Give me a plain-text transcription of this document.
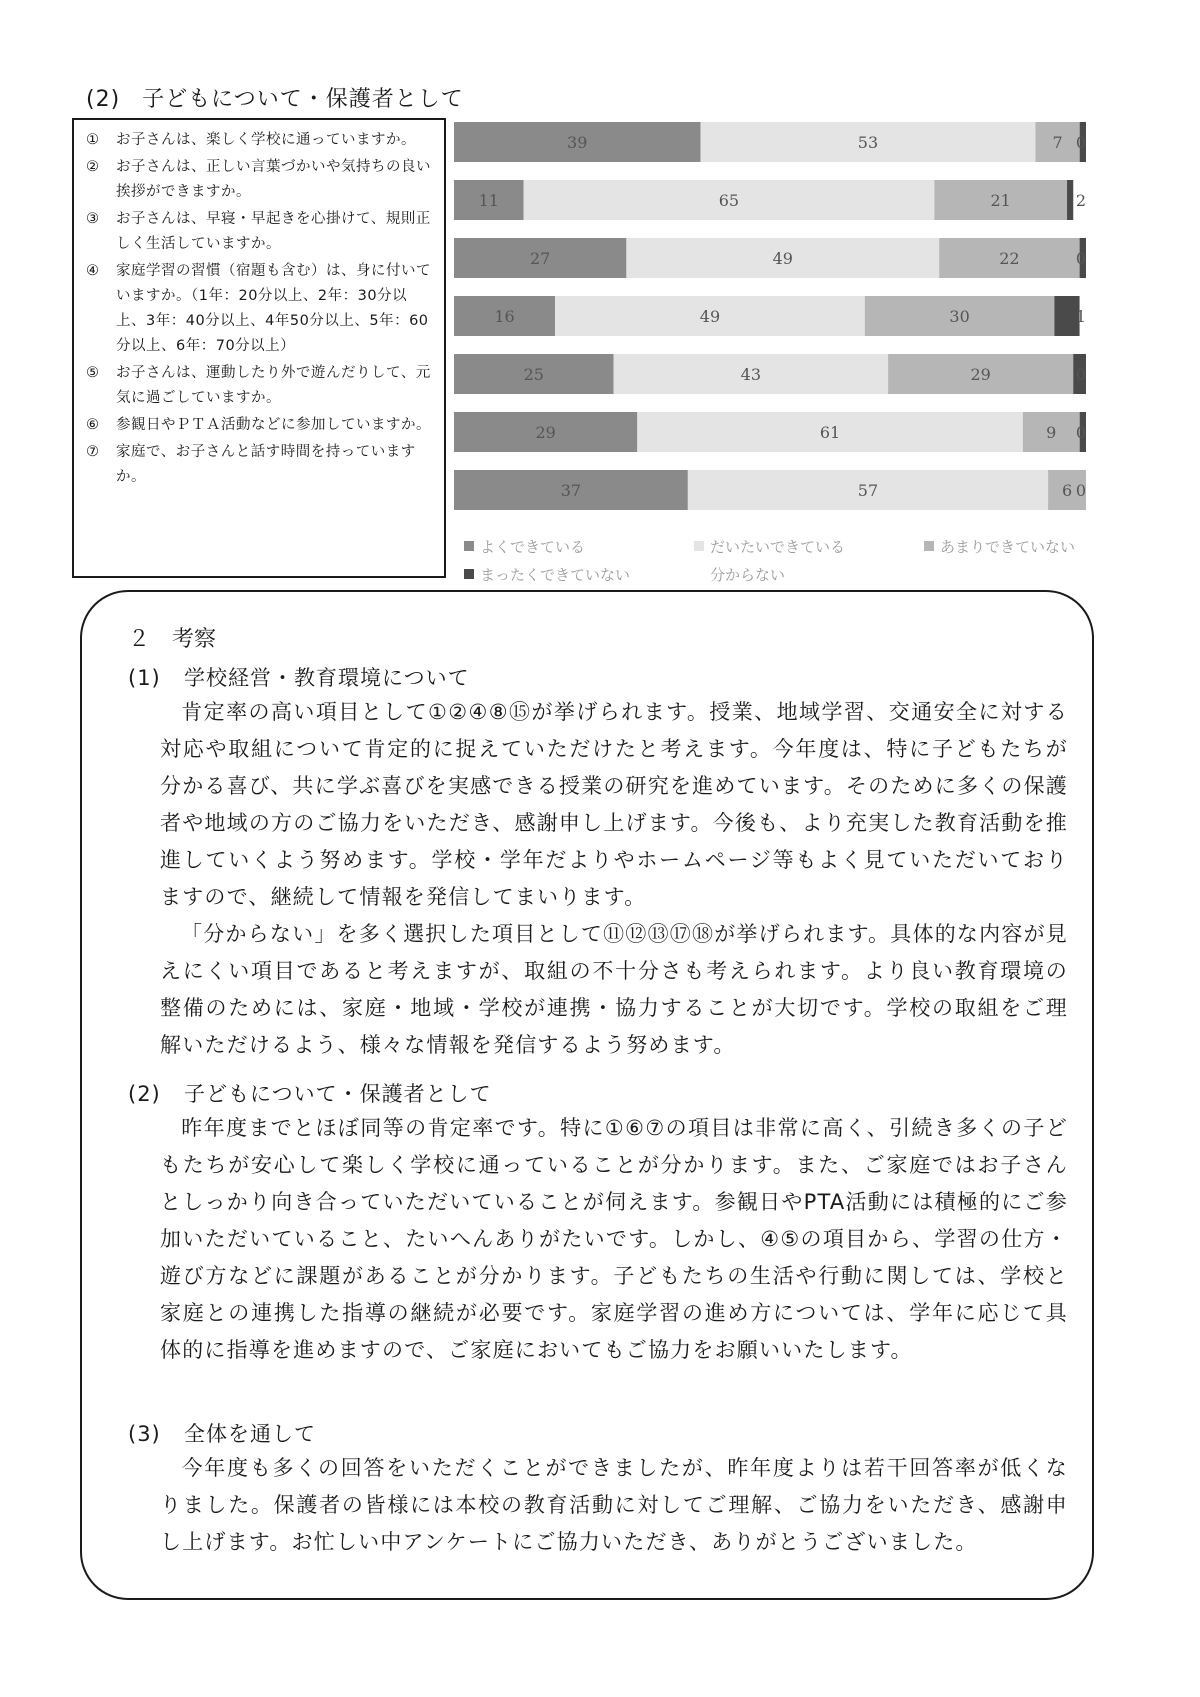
(2) 子どもについて・保護者として
①	お子さんは、楽しく学校に通っていますか。
②	お子さんは、正しい言葉づかいや気持ちの良い挨拶ができますか。
③	お子さんは、早寝・早起きを心掛けて、規則正しく生活していますか。
④	家庭学習の習慣（宿題も含む）は、身に付いていますか。（1年：20分以上、2年：30分以上、3年：40分以上、4年50分以上、5年：60分以上、6年：70分以上）
⑤	お子さんは、運動したり外で遊んだりして、元気に過ごしていますか。
⑥	参観日やＰＴＡ活動などに参加していますか。
⑦	家庭で、お子さんと話す時間を持っていますか。
39	53	7 0
11	65	21	2
27	49	22	0
16	49	30	1
25	43	29	0
29	61	9 0
37	57	6 0
よくできている	だいたいできている	あまりできていない
まったくできていない	分からない
２ 考察
(1) 学校経営・教育環境について

肯定率の高い項目として①②④⑧⑮が挙げられます。授業、地域学習、交通安全に対する対応や取組について肯定的に捉えていただけたと考えます。今年度は、特に子どもたちが分かる喜び、共に学ぶ喜びを実感できる授業の研究を進めています。そのために多くの保護者や地域の方のご協力をいただき、感謝申し上げます。今後も、より充実した教育活動を推進していくよう努めます。学校・学年だよりやホームページ等もよく見ていただいておりますので、継続して情報を発信してまいります。

「分からない」を多く選択した項目として⑪⑫⑬⑰⑱が挙げられます。具体的な内容が見えにくい項目であると考えますが、取組の不十分さも考えられます。より良い教育環境の整備のためには、家庭・地域・学校が連携・協力することが大切です。学校の取組をご理解いただけるよう、様々な情報を発信するよう努めます。

(2) 子どもについて・保護者として

昨年度までとほぼ同等の肯定率です。特に①⑥⑦の項目は非常に高く、引続き多くの子どもたちが安心して楽しく学校に通っていることが分かります。また、ご家庭ではお子さんとしっかり向き合っていただいていることが伺えます。参観日やPTA活動には積極的にご参加いただいていること、たいへんありがたいです。しかし、④⑤の項目から、学習の仕方・遊び方などに課題があることが分かります。子どもたちの生活や行動に関しては、学校と家庭との連携した指導の継続が必要です。家庭学習の進め方については、学年に応じて具体的に指導を進めますので、ご家庭においてもご協力をお願いいたします。

(3) 全体を通して

今年度も多くの回答をいただくことができましたが、昨年度よりは若干回答率が低くなりました。保護者の皆様には本校の教育活動に対してご理解、ご協力をいただき、感謝申し上げます。お忙しい中アンケートにご協力いただき、ありがとうございました。
